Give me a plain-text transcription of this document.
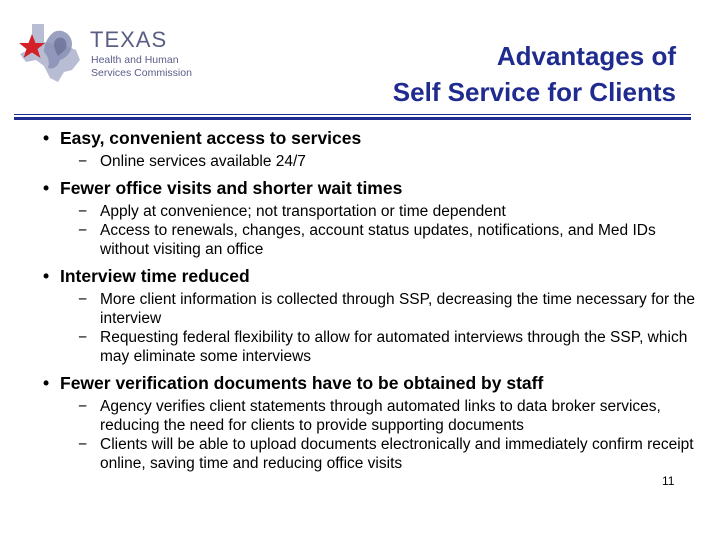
TEXAS
Health and Human
Services Commission
Advantages of
Self Service for Clients
• Easy, convenient access to services
− Online services available 24/7
• Fewer office visits and shorter wait times
− Apply at convenience; not transportation or time dependent
− Access to renewals, changes, account status updates, notifications, and Med IDs without visiting an office
• Interview time reduced
− More client information is collected through SSP, decreasing the time necessary for the interview
− Requesting federal flexibility to allow for automated interviews through the SSP, which may eliminate some interviews
• Fewer verification documents have to be obtained by staff
− Agency verifies client statements through automated links to data broker services, reducing the need for clients to provide supporting documents
− Clients will be able to upload documents electronically and immediately confirm receipt online, saving time and reducing office visits
11
